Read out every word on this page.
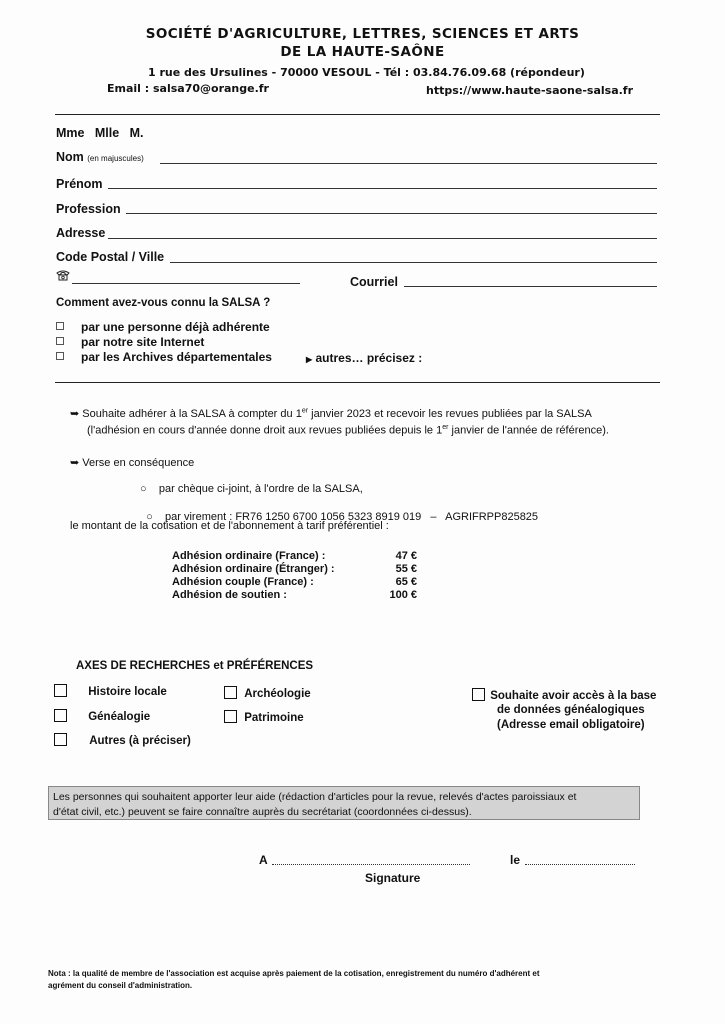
SOCIÉTÉ D'AGRICULTURE, LETTRES, SCIENCES ET ARTS
DE LA HAUTE-SAÔNE
1 rue des Ursulines - 70000 VESOUL - Tél : 03.84.76.09.68 (répondeur)
Email : salsa70@orange.fr	https://www.haute-saone-salsa.fr
Mme   Mlle   M.
Nom (en majuscules)
Prénom
Profession
Adresse
Code Postal / Ville
Courriel
Comment avez-vous connu la SALSA ?
par une personne déjà adhérente
par notre site Internet
par les Archives départementales	▶ autres… précisez :
➥ Souhaite adhérer à la SALSA à compter du 1er janvier 2023 et recevoir les revues publiées par la SALSA
(l'adhésion en cours d'année donne droit aux revues publiées depuis le 1er janvier de l'année de référence).
➥ Verse en conséquence
○ par chèque ci-joint, à l'ordre de la SALSA,

○ par virement : FR76 1250 6700 1056 5323 8919 019   –   AGRIFRPP825825

le montant de la cotisation et de l'abonnement à tarif préférentiel :
Adhésion ordinaire (France) :	47 €
Adhésion ordinaire (Étranger) :	55 €
Adhésion couple (France) :	65 €
Adhésion de soutien :	100 €
AXES DE RECHERCHES et PRÉFÉRENCES
Histoire locale
Généalogie
Autres (à préciser)
Archéologie
Patrimoine
Souhaite avoir accès à la base
de données généalogiques
(Adresse email obligatoire)
Les personnes qui souhaitent apporter leur aide (rédaction d'articles pour la revue, relevés d'actes paroissiaux et
d'état civil, etc.) peuvent se faire connaître auprès du secrétariat (coordonnées ci-dessus).
A	le
Signature
Nota : la qualité de membre de l'association est acquise après paiement de la cotisation, enregistrement du numéro d'adhérent et
agrément du conseil d'administration.
